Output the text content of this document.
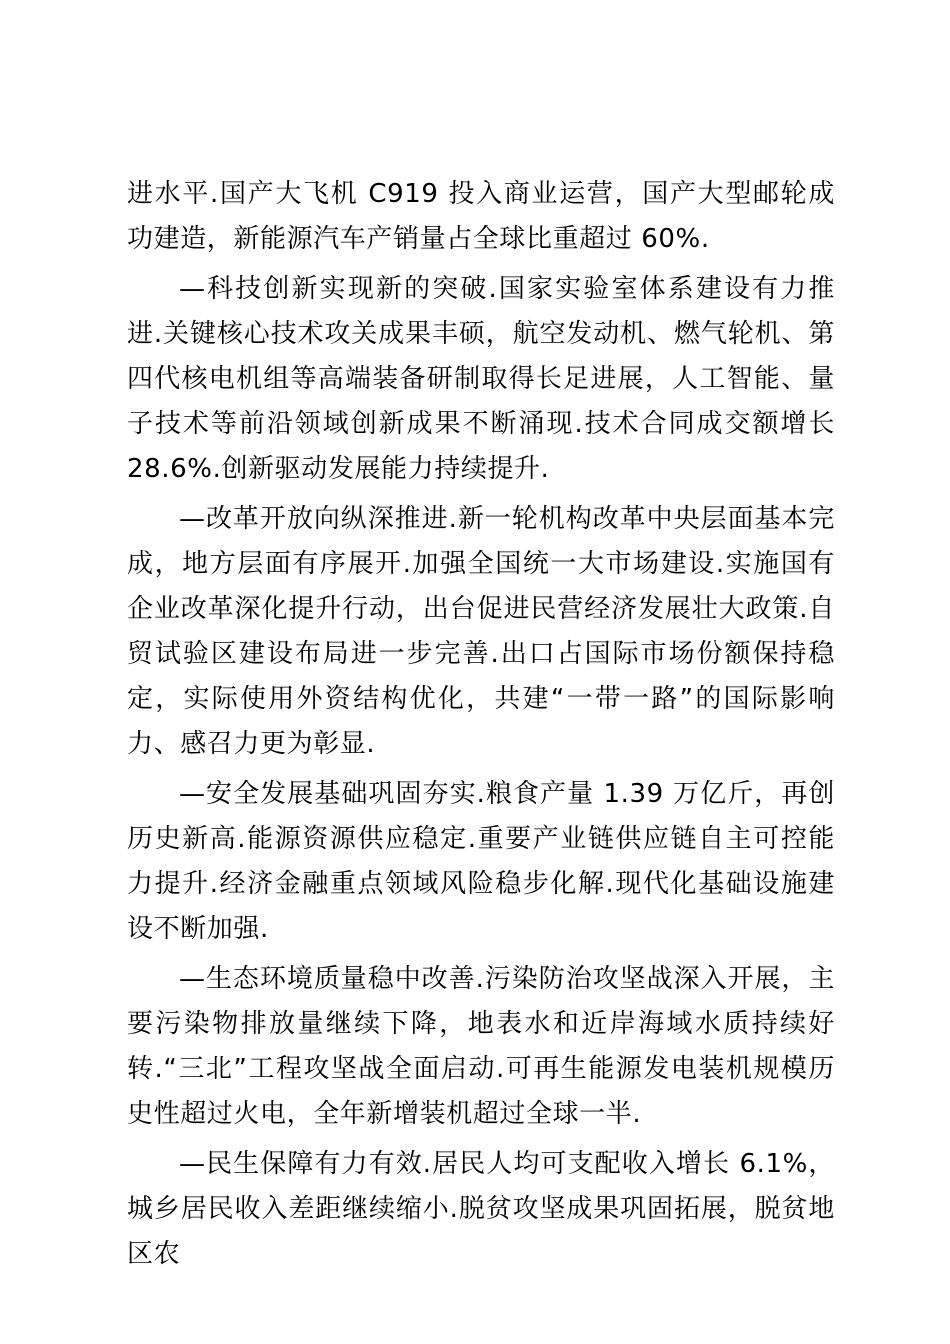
进水平.国产大飞机 C919 投入商业运营，国产大型邮轮成功建造，新能源汽车产销量占全球比重超过 60%.

—科技创新实现新的突破.国家实验室体系建设有力推进.关键核心技术攻关成果丰硕，航空发动机、燃气轮机、第四代核电机组等高端装备研制取得长足进展，人工智能、量子技术等前沿领域创新成果不断涌现.技术合同成交额增长 28.6%.创新驱动发展能力持续提升.

—改革开放向纵深推进.新一轮机构改革中央层面基本完成，地方层面有序展开.加强全国统一大市场建设.实施国有企业改革深化提升行动，出台促进民营经济发展壮大政策.自贸试验区建设布局进一步完善.出口占国际市场份额保持稳定，实际使用外资结构优化，共建“一带一路”的国际影响力、感召力更为彰显.

—安全发展基础巩固夯实.粮食产量 1.39 万亿斤，再创历史新高.能源资源供应稳定.重要产业链供应链自主可控能力提升.经济金融重点领域风险稳步化解.现代化基础设施建设不断加强.

—生态环境质量稳中改善.污染防治攻坚战深入开展，主要污染物排放量继续下降，地表水和近岸海域水质持续好转.“三北”工程攻坚战全面启动.可再生能源发电装机规模历史性超过火电，全年新增装机超过全球一半.

—民生保障有力有效.居民人均可支配收入增长 6.1%，城乡居民收入差距继续缩小.脱贫攻坚成果巩固拓展，脱贫地区农
